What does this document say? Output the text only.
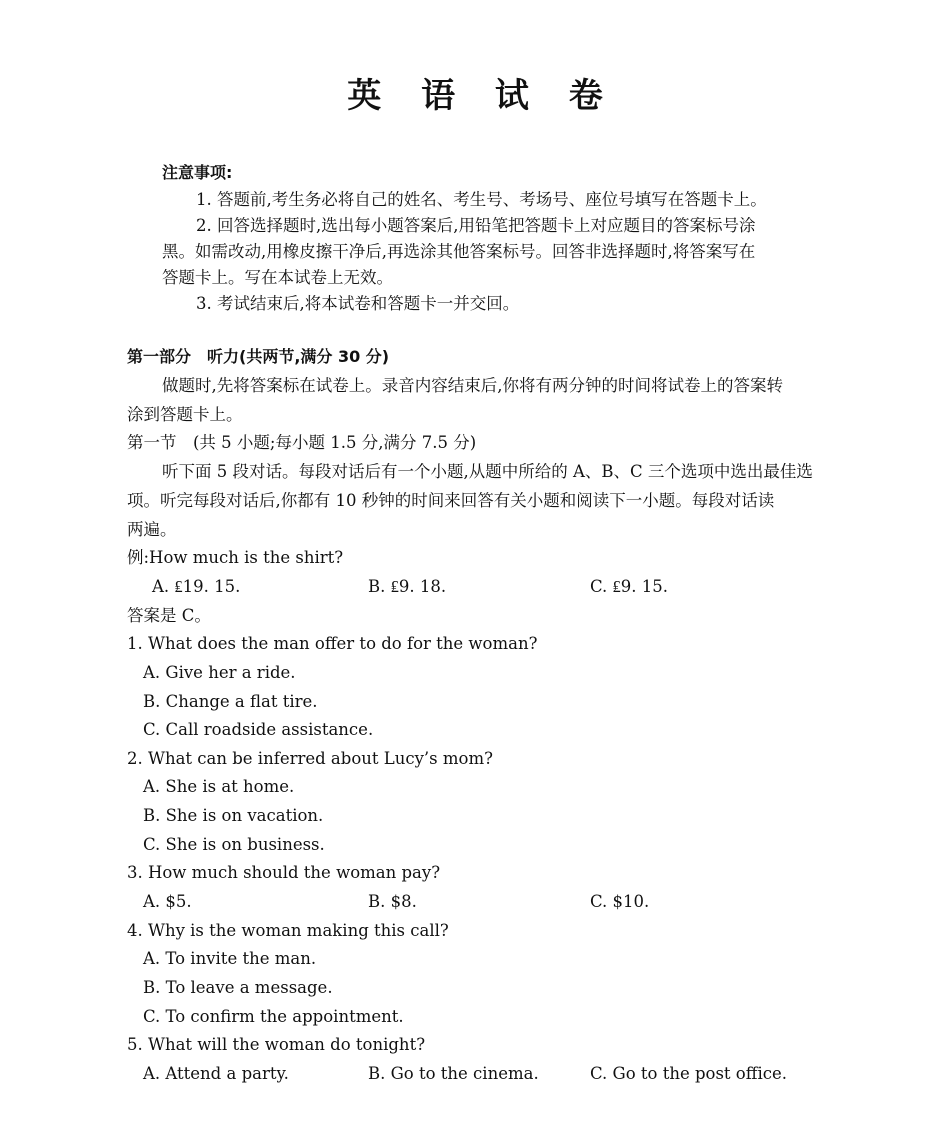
英 语 试 卷
注意事项:
1. 答题前,考生务必将自己的姓名、考生号、考场号、座位号填写在答题卡上。
2. 回答选择题时,选出每小题答案后,用铅笔把答题卡上对应题目的答案标号涂
黑。如需改动,用橡皮擦干净后,再选涂其他答案标号。回答非选择题时,将答案写在
答题卡上。写在本试卷上无效。
3. 考试结束后,将本试卷和答题卡一并交回。
第一部分　听力(共两节,满分 30 分)
做题时,先将答案标在试卷上。录音内容结束后,你将有两分钟的时间将试卷上的答案转
涂到答题卡上。
第一节　(共 5 小题;每小题 1.5 分,满分 7.5 分)
听下面 5 段对话。每段对话后有一个小题,从题中所给的 A、B、C 三个选项中选出最佳选
项。听完每段对话后,你都有 10 秒钟的时间来回答有关小题和阅读下一小题。每段对话读
两遍。
例:How much is the shirt?
A. ₤19. 15.	B. ₤9. 18.	C. ₤9. 15.
答案是 C。
1. What does the man offer to do for the woman?
A. Give her a ride.
B. Change a flat tire.
C. Call roadside assistance.
2. What can be inferred about Lucy’s mom?
A. She is at home.
B. She is on vacation.
C. She is on business.
3. How much should the woman pay?
A. $5.	B. $8.	C. $10.
4. Why is the woman making this call?
A. To invite the man.
B. To leave a message.
C. To confirm the appointment.
5. What will the woman do tonight?
A. Attend a party.	B. Go to the cinema.	C. Go to the post office.
